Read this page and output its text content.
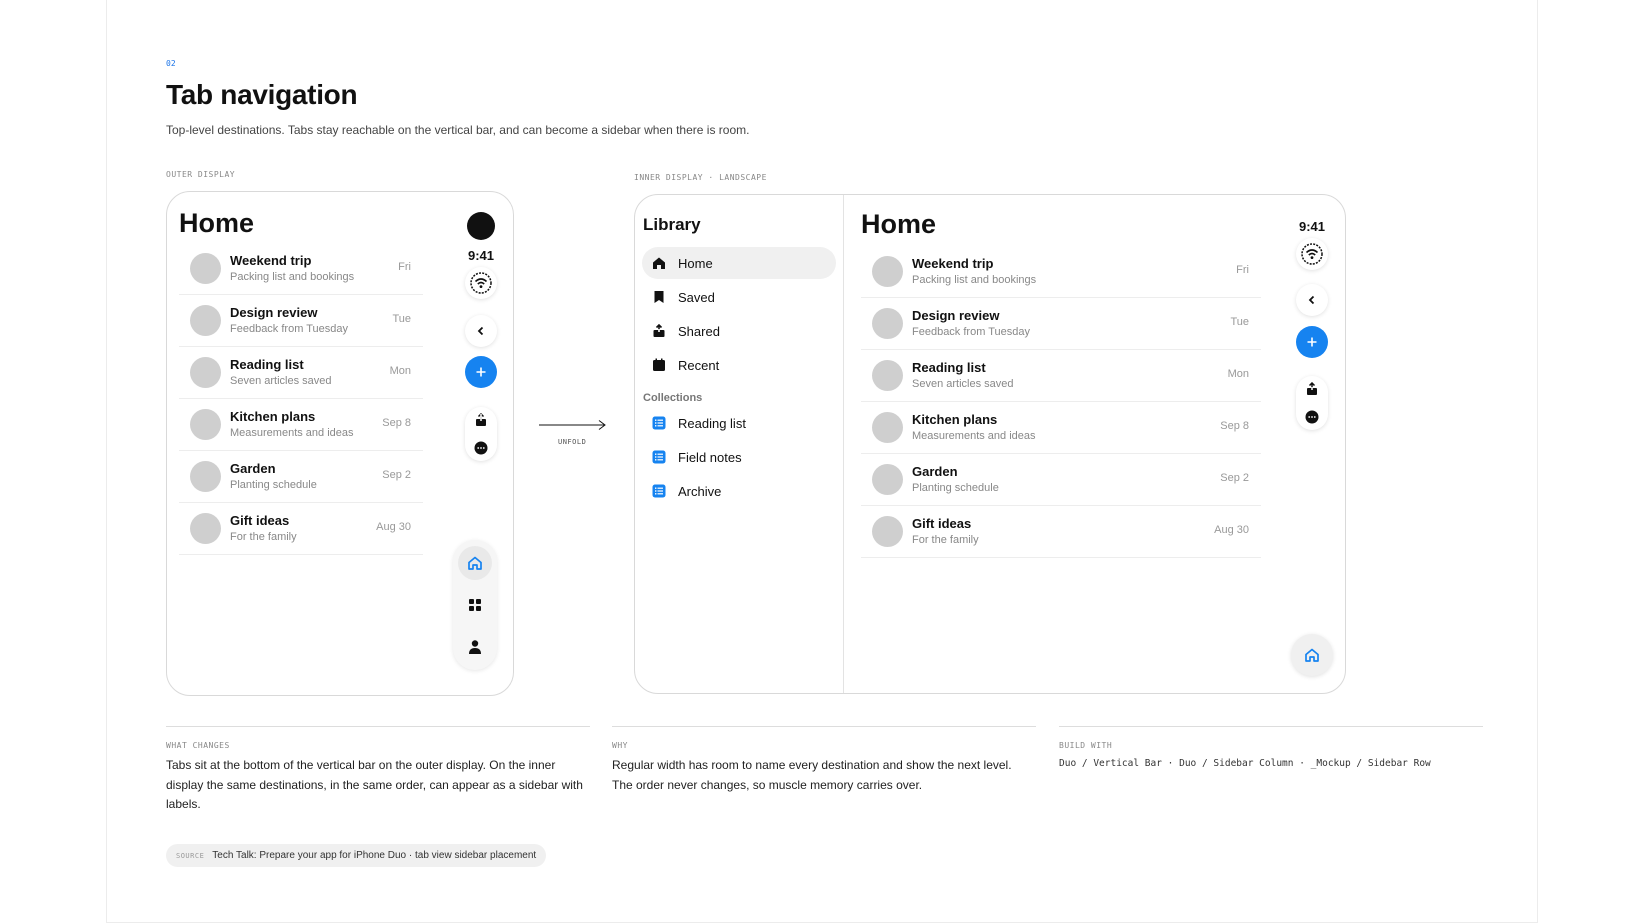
02
Tab navigation
Top-level destinations. Tabs stay reachable on the vertical bar, and can become a sidebar when there is room.
OUTER DISPLAY	INNER DISPLAY · LANDSCAPE
Home
Weekend trip
Packing list and bookings
Fri
Design review
Feedback from Tuesday
Tue
Reading list
Seven articles saved
Mon
Kitchen plans
Measurements and ideas
Sep 8
Garden
Planting schedule
Sep 2
Gift ideas
For the family
Aug 30
9:41
UNFOLD
Library
Home
Saved
Shared
Recent
Collections
Reading list
Field notes
Archive
Home
Weekend trip
Packing list and bookings
Fri
Design review
Feedback from Tuesday
Tue
Reading list
Seven articles saved
Mon
Kitchen plans
Measurements and ideas
Sep 8
Garden
Planting schedule
Sep 2
Gift ideas
For the family
Aug 30
9:41
WHAT CHANGES
Tabs sit at the bottom of the vertical bar on the outer display. On the inner display the same destinations, in the same order, can appear as a sidebar with labels.
WHY
Regular width has room to name every destination and show the next level. The order never changes, so muscle memory carries over.
BUILD WITH
Duo / Vertical Bar · Duo / Sidebar Column · _Mockup / Sidebar Row
SOURCE Tech Talk: Prepare your app for iPhone Duo · tab view sidebar placement
